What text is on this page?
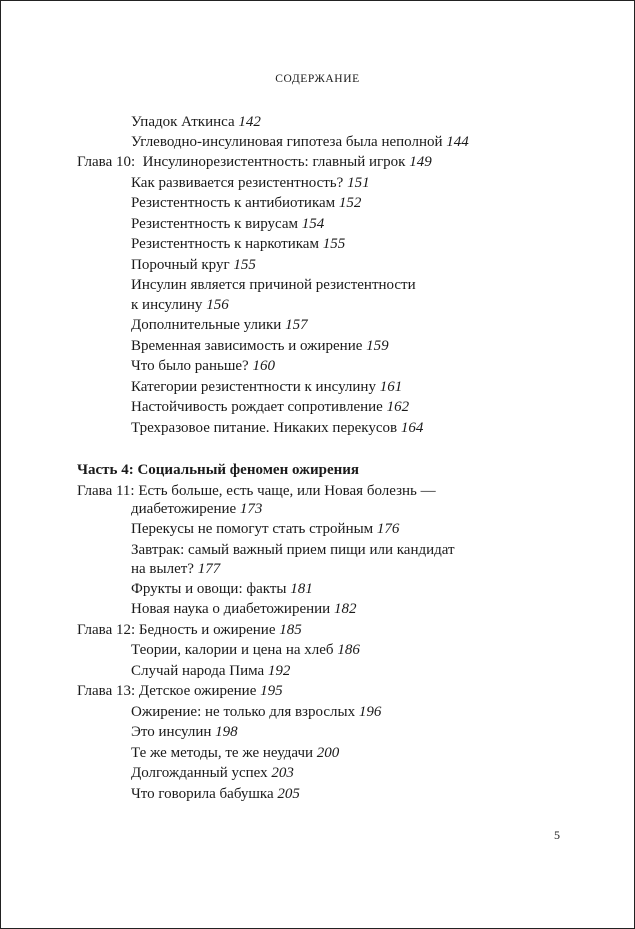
СОДЕРЖАНИЕ
Упадок Аткинса 142
Углеводно-инсулиновая гипотеза была неполной 144
Глава 10:  Инсулинорезистентность: главный игрок 149
Как развивается резистентность? 151
Резистентность к антибиотикам 152
Резистентность к вирусам 154
Резистентность к наркотикам 155
Порочный круг 155
Инсулин является причиной резистентности
к инсулину 156
Дополнительные улики 157
Временная зависимость и ожирение 159
Что было раньше? 160
Категории резистентности к инсулину 161
Настойчивость рождает сопротивление 162
Трехразовое питание. Никаких перекусов 164
Часть 4: Социальный феномен ожирения
Глава 11: Есть больше, есть чаще, или Новая болезнь —
диабетожирение 173
Перекусы не помогут стать стройным 176
Завтрак: самый важный прием пищи или кандидат
на вылет? 177
Фрукты и овощи: факты 181
Новая наука о диабетожирении 182
Глава 12: Бедность и ожирение 185
Теории, калории и цена на хлеб 186
Случай народа Пима 192
Глава 13: Детское ожирение 195
Ожирение: не только для взрослых 196
Это инсулин 198
Те же методы, те же неудачи 200
Долгожданный успех 203
Что говорила бабушка 205
5
